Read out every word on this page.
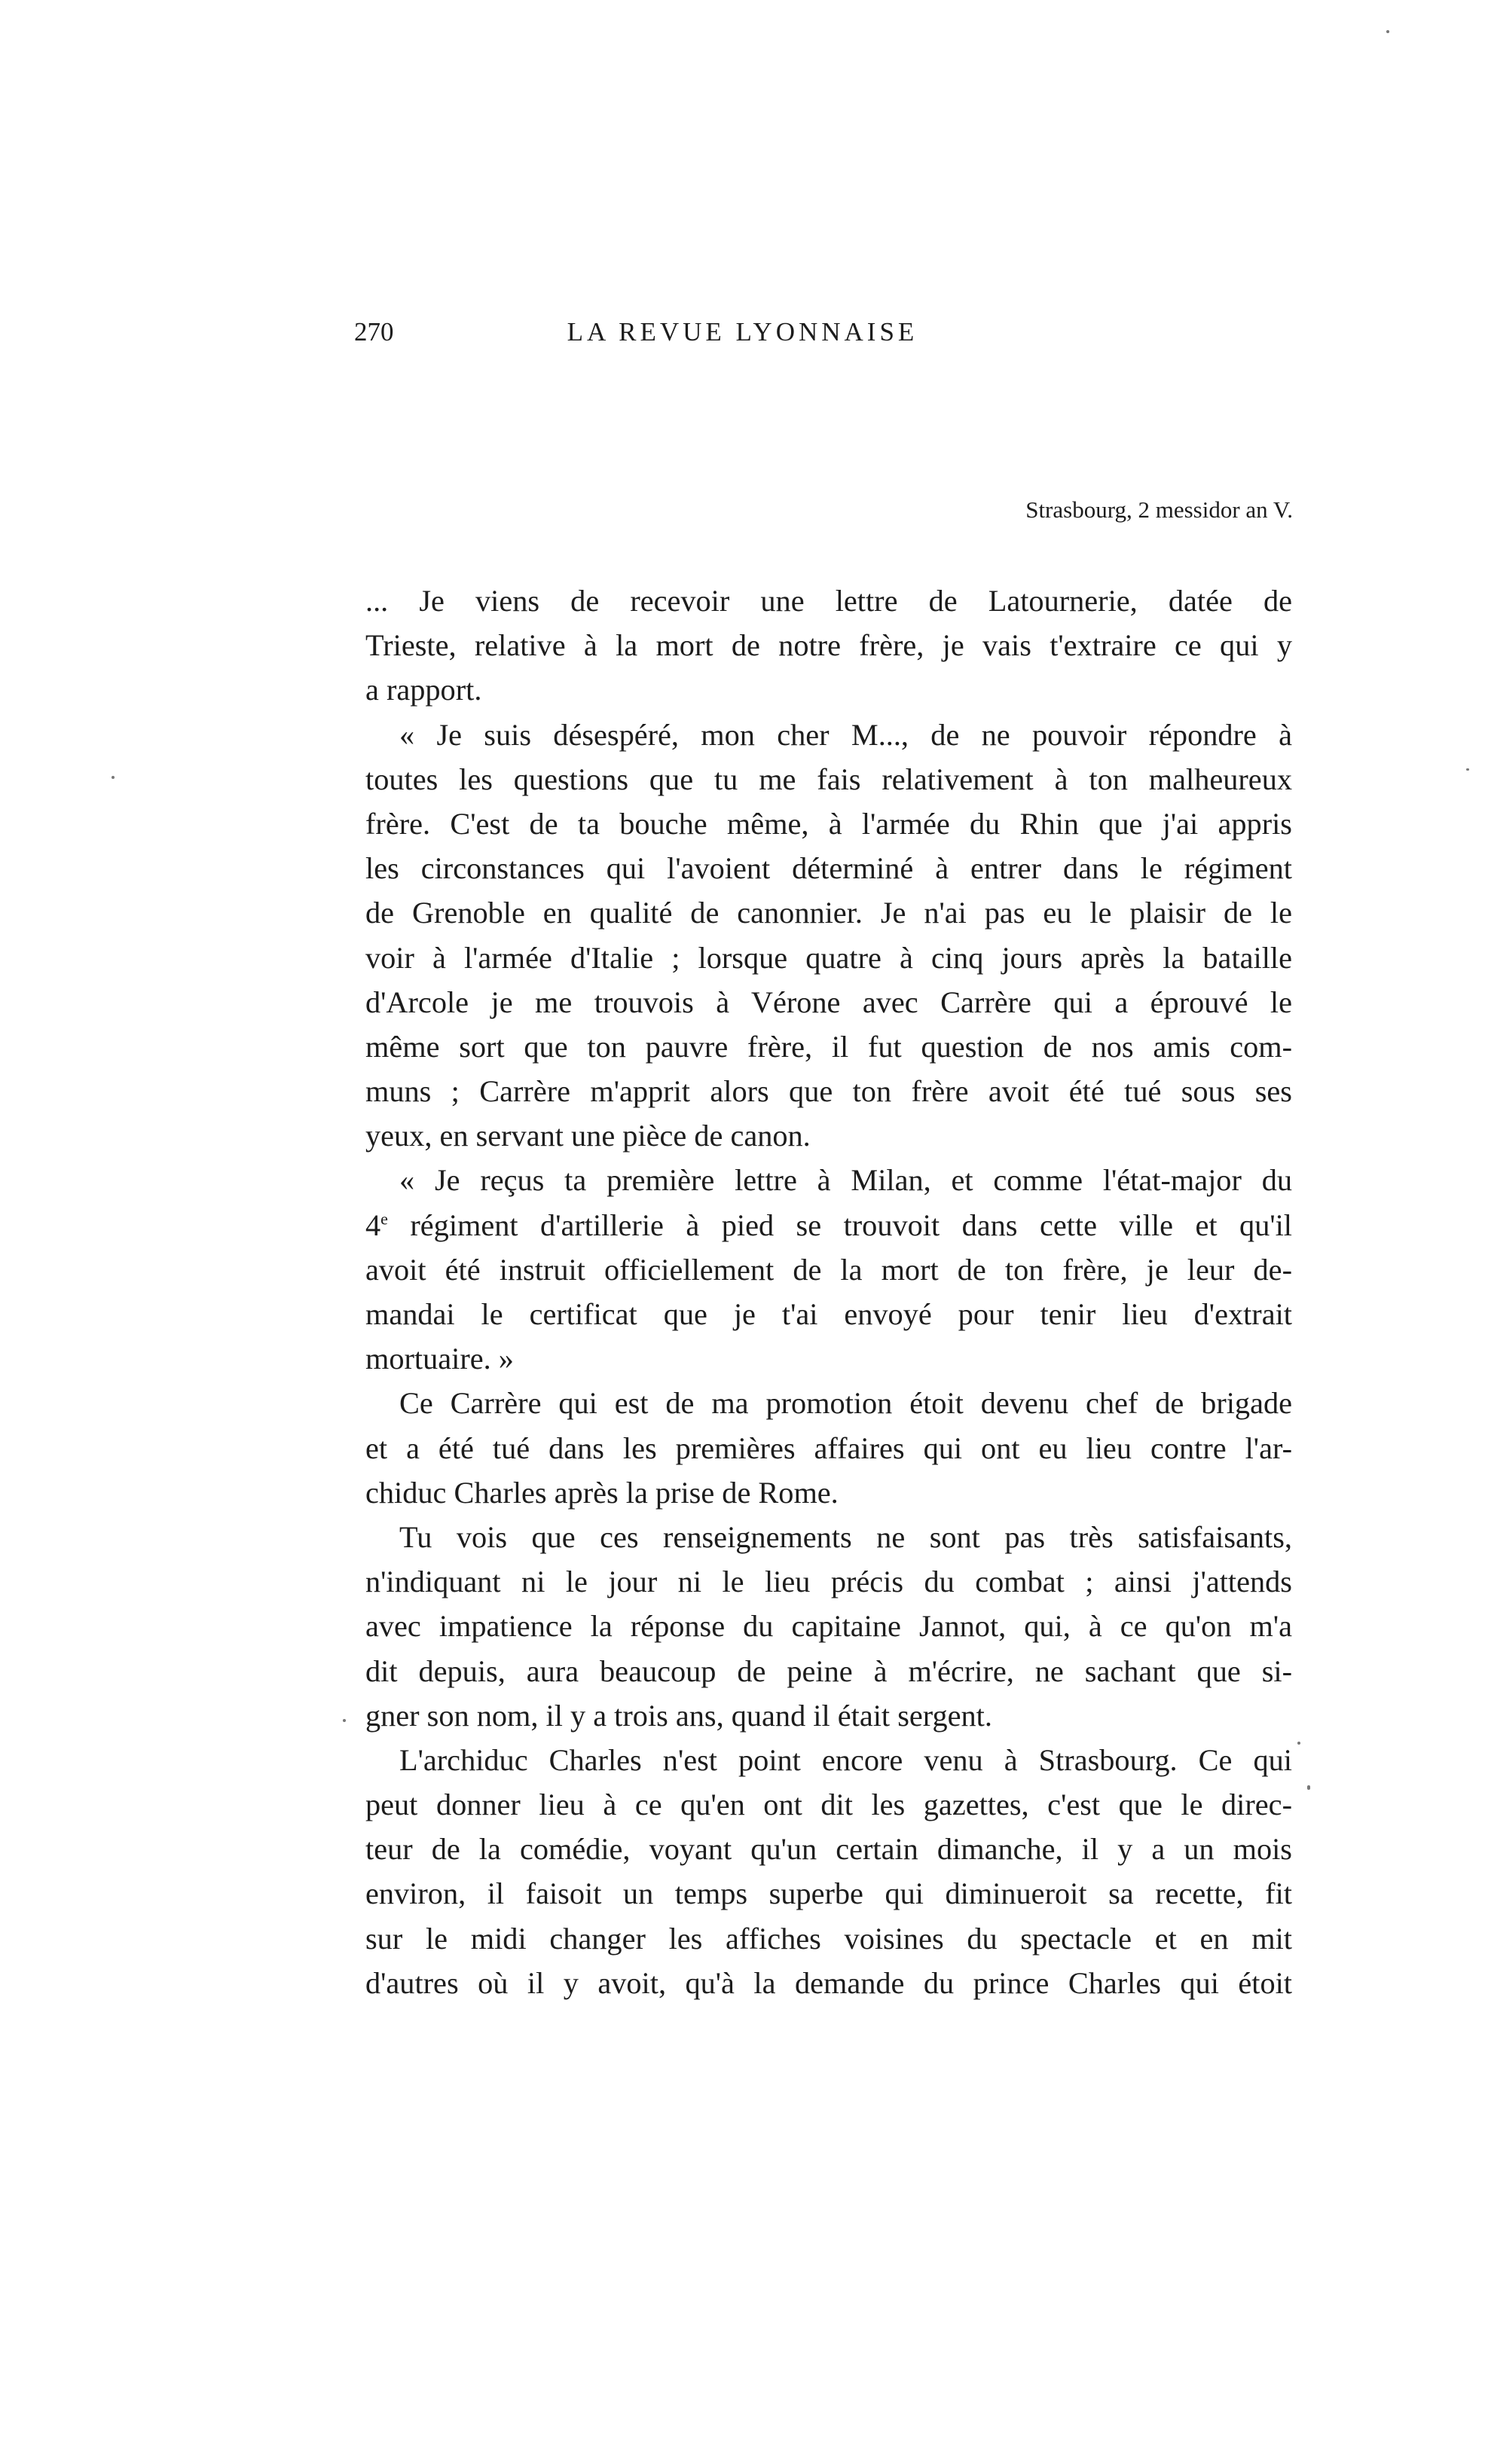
270	LA REVUE LYONNAISE
Strasbourg, 2 messidor an V.
... Je viens de recevoir une lettre de Latournerie, datée de
Trieste, relative à la mort de notre frère, je vais t'extraire ce qui y
a rapport.
« Je suis désespéré, mon cher M..., de ne pouvoir répondre à
toutes les questions que tu me fais relativement à ton malheureux
frère. C'est de ta bouche même, à l'armée du Rhin que j'ai appris
les circonstances qui l'avoient déterminé à entrer dans le régiment
de Grenoble en qualité de canonnier. Je n'ai pas eu le plaisir de le
voir à l'armée d'Italie ; lorsque quatre à cinq jours après la bataille
d'Arcole je me trouvois à Vérone avec Carrère qui a éprouvé le
même sort que ton pauvre frère, il fut question de nos amis com-
muns ; Carrère m'apprit alors que ton frère avoit été tué sous ses
yeux, en servant une pièce de canon.
« Je reçus ta première lettre à Milan, et comme l'état-major du
4e régiment d'artillerie à pied se trouvoit dans cette ville et qu'il
avoit été instruit officiellement de la mort de ton frère, je leur de-
mandai le certificat que je t'ai envoyé pour tenir lieu d'extrait
mortuaire. »
Ce Carrère qui est de ma promotion étoit devenu chef de brigade
et a été tué dans les premières affaires qui ont eu lieu contre l'ar-
chiduc Charles après la prise de Rome.
Tu vois que ces renseignements ne sont pas très satisfaisants,
n'indiquant ni le jour ni le lieu précis du combat ; ainsi j'attends
avec impatience la réponse du capitaine Jannot, qui, à ce qu'on m'a
dit depuis, aura beaucoup de peine à m'écrire, ne sachant que si-
gner son nom, il y a trois ans, quand il était sergent.
L'archiduc Charles n'est point encore venu à Strasbourg. Ce qui
peut donner lieu à ce qu'en ont dit les gazettes, c'est que le direc-
teur de la comédie, voyant qu'un certain dimanche, il y a un mois
environ, il faisoit un temps superbe qui diminueroit sa recette, fit
sur le midi changer les affiches voisines du spectacle et en mit
d'autres où il y avoit, qu'à la demande du prince Charles qui étoit
